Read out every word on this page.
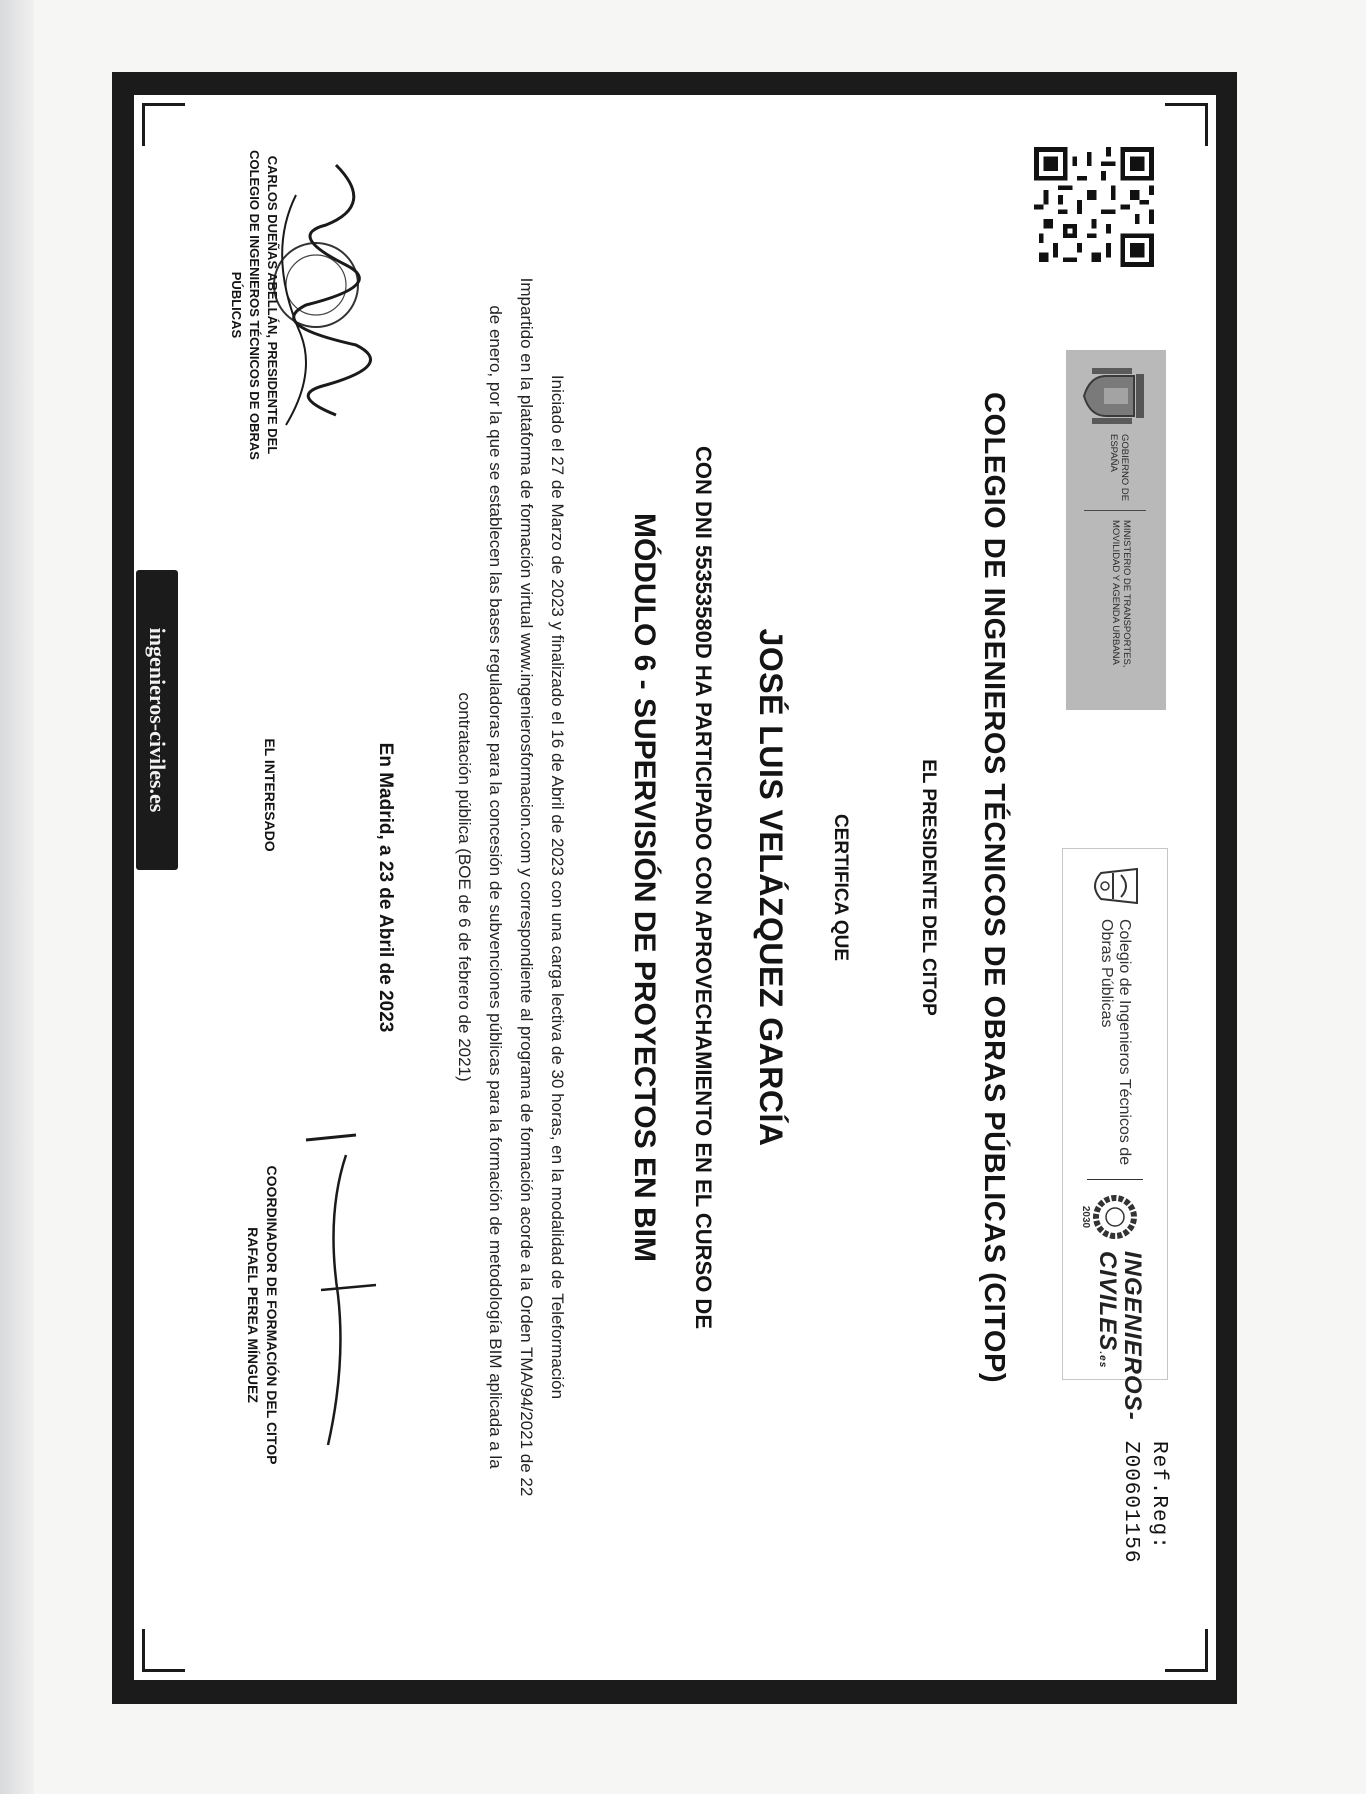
GOBIERNO DE ESPAÑA
MINISTERIO DE TRANSPORTES, MOVILIDAD Y AGENDA URBANA
Colegio de Ingenieros Técnicos de Obras Públicas
2030
INGENIEROS-CIVILES.es
Ref.Reg:
Z00601156
COLEGIO DE INGENIEROS TÉCNICOS DE OBRAS PÚBLICAS (CITOP)
EL PRESIDENTE DEL CITOP
CERTIFICA QUE
JOSÉ LUIS VELÁZQUEZ GARCÍA
CON DNI 55353580D HA PARTICIPADO CON APROVECHAMIENTO EN EL CURSO DE
MÓDULO 6 - SUPERVISIÓN DE PROYECTOS EN BIM
Iniciado el 27 de Marzo de 2023 y finalizado el 16 de Abril de 2023 con una carga lectiva de 30 horas, en la modalidad de Teleformación
Impartido en la plataforma de formación virtual www.ingenierosformacion.com y correspondiente al programa de formación acorde a la Orden TMA/94/2021 de 22 de enero, por la que se establecen las bases reguladoras para la concesión de subvenciones públicas para la formación de metodología BIM aplicada a la contratación pública (BOE de 6 de febrero de 2021)
En Madrid, a 23 de Abril de 2023
CARLOS DUEÑAS ABELLÁN, PRESIDENTE DEL
COLEGIO DE INGENIEROS TÉCNICOS DE OBRAS
PÚBLICAS
EL INTERESADO
ingenieros-civiles.es
COORDINADOR DE FORMACIÓN DEL CITOP
RAFAEL PEREA MÍNGUEZ
